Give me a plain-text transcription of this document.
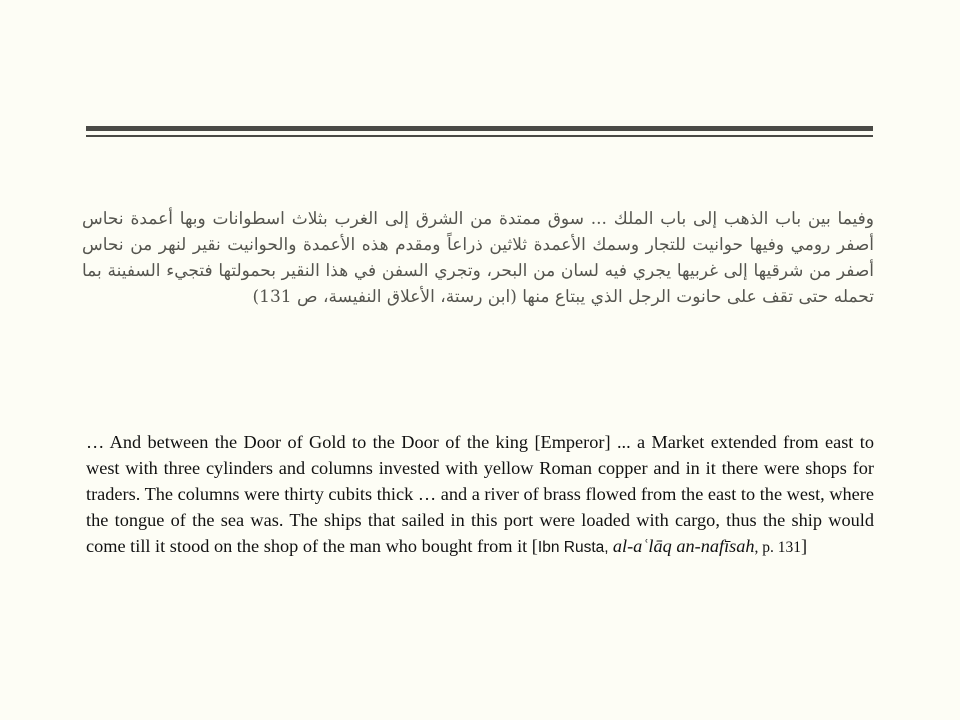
وفيما بين باب الذهب إلى باب الملك ... سوق ممتدة من الشرق إلى الغرب بثلاث اسطوانات وبها أعمدة نحاس أصفر رومي وفيها حوانيت للتجار وسمك الأعمدة ثلاثين ذراعاً ومقدم هذه الأعمدة والحوانيت نقير لنهر من نحاس أصفر من شرقيها إلى غربيها يجري فيه لسان من البحر، وتجري السفن في هذا النقير بحمولتها فتجيء السفينة بما تحمله حتى تقف على حانوت الرجل الذي يبتاع منها (ابن رستة، الأعلاق النفيسة، ص 131)

… And between the Door of Gold to the Door of the king [Emperor] ... a Market extended from east to west with three cylinders and columns invested with yellow Roman copper and in it there were shops for traders. The columns were thirty cubits thick … and a river of brass flowed from the east to the west, where the tongue of the sea was. The ships that sailed in this port were loaded with cargo, thus the ship would come till it stood on the shop of the man who bought from it [Ibn Rusta, al-aʿlāq an-nafīsah, p. 131]
